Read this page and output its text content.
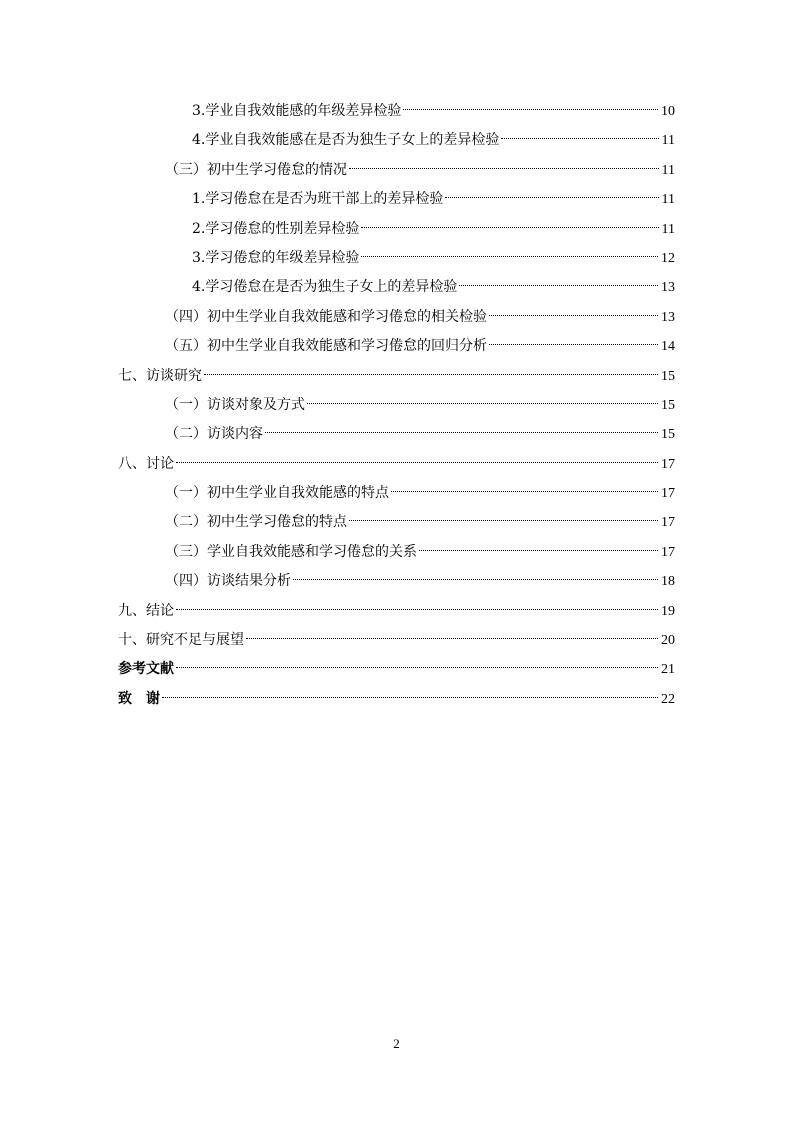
3.学业自我效能感的年级差异检验	10
4.学业自我效能感在是否为独生子女上的差异检验	11
（三）初中生学习倦怠的情况	11
1.学习倦怠在是否为班干部上的差异检验	11
2.学习倦怠的性别差异检验	11
3.学习倦怠的年级差异检验	12
4.学习倦怠在是否为独生子女上的差异检验	13
（四）初中生学业自我效能感和学习倦怠的相关检验	13
（五）初中生学业自我效能感和学习倦怠的回归分析	14
七、访谈研究	15
（一）访谈对象及方式	15
（二）访谈内容	15
八、讨论	17
（一）初中生学业自我效能感的特点	17
（二）初中生学习倦怠的特点	17
（三）学业自我效能感和学习倦怠的关系	17
（四）访谈结果分析	18
九、结论	19
十、研究不足与展望	20
参考文献	21
致　谢	22
2
